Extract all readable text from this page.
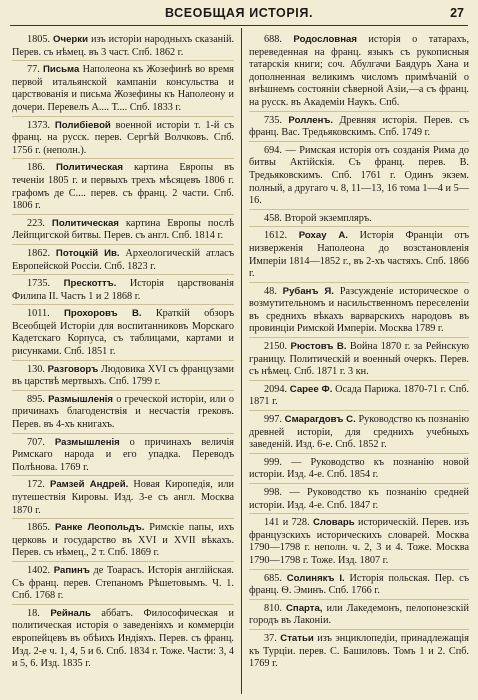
ВСЕОБЩАЯ ИСТОРІЯ.	27

1805. Очерки изъ исторіи народныхъ сказаній. Перев. съ нѣмец. въ 3 част. Спб. 1862 г.

77. Письма Наполеона къ Жозефинѣ во время первой итальянской кампаніи консульства и царствованія и письма Жозефины къ Наполеону и дочери. Перевелъ А.... Т.... Спб. 1833 г.

1373. Полибіевой военной исторіи т. 1-й съ франц. на русск. перев. Сергѣй Волчковъ. Спб. 1756 г. (неполн.).

186. Политическая картина Европы въ теченіи 1805 г. и первыхъ трехъ мѣсяцевъ 1806 г. графомъ де С.... перев. съ франц. 2 части. Спб. 1806 г.

223. Политическая картина Европы послѣ Лейпцигской битвы. Перев. съ англ. Спб. 1814 г.

1862. Потоцкій Ив. Археологическій атласъ Европейской Россіи. Спб. 1823 г.

1735. Прескоттъ. Исторія царствованія Филипа II. Часть 1 и 2 1868 г.

1011. Прохоровъ В. Краткій обзоръ Всеобщей Исторіи для воспитанниковъ Морскаго Кадетскаго Корпуса, съ таблицами, картами и рисунками. Спб. 1851 г.

130. Разговоръ Людовика XVI съ французами въ царствѣ мертвыхъ. Спб. 1799 г.

895. Размышленія о греческой исторіи, или о причинахъ благоденствія и несчастія грековъ. Перев. въ 4-хъ книгахъ.

707. Размышленія о причинахъ величія Римскаго народа и его упадка. Переводъ Полѣнова. 1769 г.

172. Рамзей Андрей. Новая Киропедія, или путешествія Кировы. Изд. 3-е съ англ. Москва 1870 г.

1865. Ранке Леопольдъ. Римскіе папы, ихъ церковь и государство въ XVI и XVII вѣкахъ. Перев. съ нѣмец., 2 т. Спб. 1869 г.

1402. Рапинъ де Тоарасъ. Исторія англійская. Съ франц. перев. Степаномъ Рѣшетовымъ. Ч. 1. Спб. 1768 г.

18. Рейналь аббатъ. Философическая и политическая исторія о заведеніяхъ и коммерціи европейцевъ въ обѣихъ Индіяхъ. Перев. съ франц. Изд. 2-е ч. 1, 4, 5 и 6. Спб. 1834 г. Тоже. Части: 3, 4 и 5, 6. Изд. 1835 г.

688. Родословная исторія о татарахъ, переведенная на франц. языкъ съ рукописныя татарскія книги; соч. Абулгачи Баядуръ Хана и дополненная великимъ числомъ примѣчаній о внѣшнемъ состояніи сѣверной Азіи,—а съ франц. на русск. въ Академіи Наукъ. Спб.

735. Ролленъ. Древняя исторія. Перев. съ франц. Вас. Тредьяковскимъ. Спб. 1749 г.

694. — Римская исторія отъ созданія Рима до битвы Актійскія. Съ франц. перев. В. Тредьяковскимъ. Спб. 1761 г. Одинъ экзем. полный, а другаго ч. 8, 11—13, 16 тома 1—4 и 5—16.

458. Второй экземпляръ.

1612. Рохау А. Исторія Франціи отъ низверженія Наполеона до возстановленія Имперіи 1814—1852 г., въ 2-хъ частяхъ. Спб. 1866 г.

48. Рубанъ Я. Разсужденіе историческое о возмутительномъ и насильственномъ переселеніи въ среднихъ вѣкахъ варварскихъ народовъ въ провинціи Римской Имперіи. Москва 1789 г.

2150. Рюстовъ В. Война 1870 г. за Рейнскую границу. Политическій и военный очеркъ. Перев. съ нѣмец. Спб. 1871 г. 3 кн.

2094. Сарее Ф. Осада Парижа. 1870-71 г. Спб. 1871 г.

997. Смарагдовъ С. Руководство къ познанію древней исторіи, для среднихъ учебныхъ заведеній. Изд. 6-е. Спб. 1852 г.

999. — Руководство къ познанію новой исторіи. Изд. 4-е. Спб. 1854 г.

998. — Руководство къ познанію средней исторіи. Изд. 4-е. Спб. 1847 г.

141 и 728. Словарь историческій. Перев. изъ французскихъ историческихъ словарей. Москва 1790—1798 г. неполн. ч. 2, 3 и 4. Тоже. Москва 1790—1798 г. Тоже. Изд. 1807 г.

685. Солинякъ I. Исторія польская. Пер. съ франц. Ѳ. Эминъ. Спб. 1766 г.

810. Спарта, или Лакедемонъ, пелопонезскій городъ въ Лаконіи.

37. Статьи изъ энциклопедіи, принадлежащія къ Турціи. перев. С. Башиловъ. Томъ 1 и 2. Спб. 1769 г.
